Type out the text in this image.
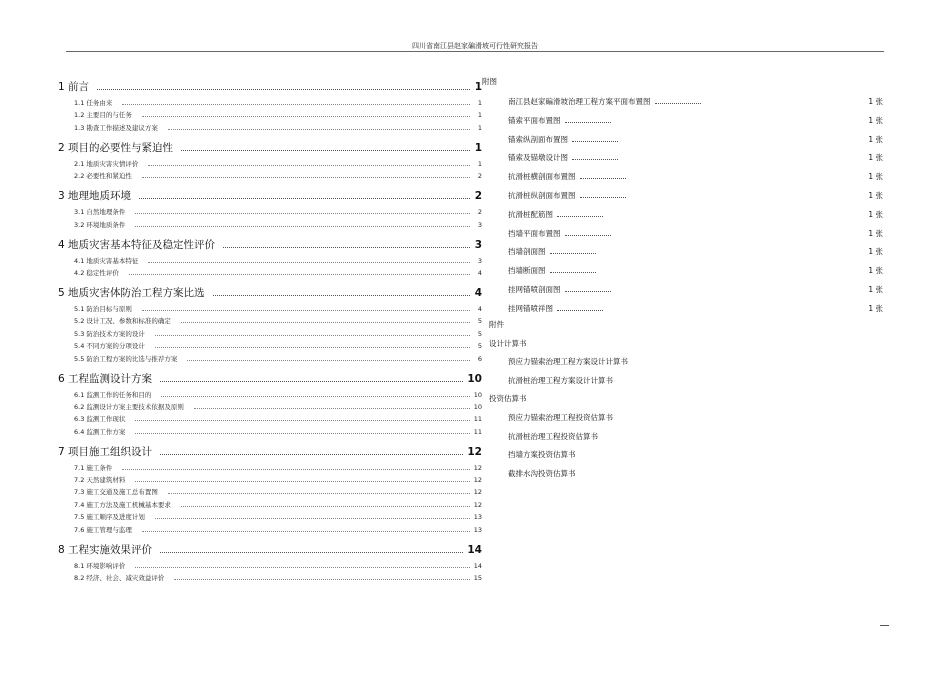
四川省南江县赵家碥滑坡可行性研究报告
1 前言	1
1.1 任务由来	1
1.2 主要目的与任务	1
1.3 勘查工作描述及建议方案	1
2 项目的必要性与紧迫性	1
2.1 地质灾害灾情评价	1
2.2 必要性和紧迫性	2
3 地理地质环境	2
3.1 自然地理条件	2
3.2 环境地质条件	3
4 地质灾害基本特征及稳定性评价	3
4.1 地质灾害基本特征	3
4.2 稳定性评价	4
5 地质灾害体防治工程方案比选	4
5.1 防治目标与原则	4
5.2 设计工况、参数和标准的确定	5
5.3 防治技术方案的设计	5
5.4 不同方案的分项设计	5
5.5 防治工程方案的比选与推荐方案	6
6 工程监测设计方案	10
6.1 监测工作的任务和目的	10
6.2 监测设计方案主要技术依据及原则	10
6.3 监测工作现状	11
6.4 监测工作方案	11
7 项目施工组织设计	12
7.1 施工条件	12
7.2 天然建筑材料	12
7.3 施工交通及施工总布置图	12
7.4 施工方法及施工机械基本要求	12
7.5 施工顺序及进度计划	13
7.6 施工管理与监理	13
8 工程实施效果评价	14
8.1 环境影响评价	14
8.2 经济、社会、减灾效益评价	15
附图
南江县赵家碥滑坡治理工程方案平面布置图	1 张
锚索平面布置图	1 张
锚索纵剖面布置图	1 张
锚索及锚墩设计图	1 张
抗滑桩横剖面布置图	1 张
抗滑桩纵剖面布置图	1 张
抗滑桩配筋图	1 张
挡墙平面布置图	1 张
挡墙剖面图	1 张
挡墙断面图	1 张
挂网锚喷剖面图	1 张
挂网锚喷祥图	1 张
附件
设计计算书
预应力锚索治理工程方案设计计算书
抗滑桩治理工程方案设计计算书
投资估算书
预应力锚索治理工程投资估算书
抗滑桩治理工程投资估算书
挡墙方案投资估算书
截排水沟投资估算书
